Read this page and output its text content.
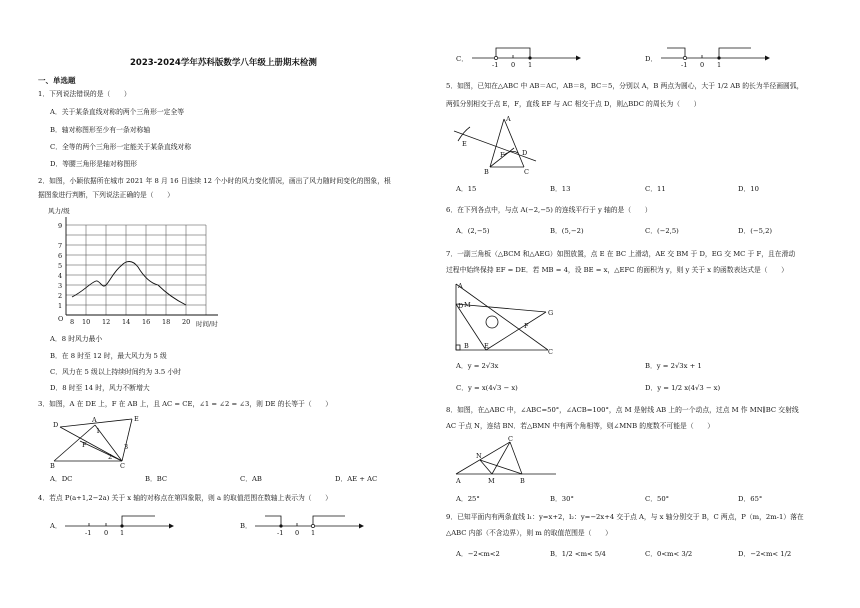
2023-2024学年苏科版数学八年级上册期末检测
一、单选题
1．下列说法错误的是（　　）
A．关于某条直线对称的两个三角形一定全等
B．轴对称图形至少有一条对称轴
C．全等的两个三角形一定能关于某条直线对称
D．等腰三角形是轴对称图形
2．如图，小颖依据所在城市 2021 年 8 月 16 日连续 12 个小时的风力变化情况，画出了风力随时间变化的图象，根
据图象进行判断，下列说法正确的是（　　）
风力/级
O
9
7
6
5
4
3
2
1
8 10 12 14 16 18 20 时间/时
A．8 时风力最小
B．在 8 时至 12 时，最大风力为 5 级
C．风力在 5 级以上持续时间约为 3.5 小时
D．8 时至 14 时，风力不断增大
3．如图，A 在 DE 上，F 在 AB 上，且 AC = CE，∠1 = ∠2 = ∠3，则 DE 的长等于（　　）
D
A	E
F
B	C
1
2
3
A．DC	B．BC	C．AB	D．AE + AC
4．若点 P(a+1,2−2a) 关于 x 轴的对称点在第四象限，则 a 的取值范围在数轴上表示为（　　）
A．
-1 0 1
B．
-1 0 1
C．
-1 0 1
D．
-1 0 1
5．如图，已知在△ABC 中 AB＝AC，AB＝8，BC＝5，分别以 A，B 两点为圆心，大于 1/2 AB 的长为半径画圆弧，
两弧分别相交于点 E，F，直线 EF 与 AC 相交于点 D，则△BDC 的周长为（　　）
A
E
F	D
B	C
A．15	B．13	C．11	D．10
6．在下列各点中，与点 A(−2,−5) 的连线平行于 y 轴的是（　　）
A．(2,−5)	B．(5,−2)	C．(−2,5)	D．(−5,2)
7．一副三角板（△BCM 和△AEG）如图放置，点 E 在 BC 上滑动，AE 交 BM 于 D，EG 交 MC 于 F，且在滑动
过程中始终保持 EF = DE．若 MB = 4，设 BE = x，△EFC 的面积为 y，则 y 关于 x 的函数表达式是（　　）
A
D M
G
F
B E
C
A．y = 2√3x	B．y = 2√3x + 1
C．y = x(4√3 − x)	D．y = 1/2 x(4√3 − x)
8．如图，在△ABC 中，∠ABC=50°，∠ACB=100°，点 M 是射线 AB 上的一个动点，过点 M 作 MN∥BC 交射线
AC 于点 N，连结 BN．若△BMN 中有两个角相等，则∠MNB 的度数不可能是（　　）
N
C
A	M	B
A．25°	B．30°	C．50°	D．65°
9．已知平面内有两条直线 l₁：y=x+2，l₂：y=−2x+4 交于点 A，与 x 轴分别交于 B，C 两点，P（m，2m-1）落在
△ABC 内部（不含边界），则 m 的取值范围是（　　）
A．−2<m<2	B．1/2 <m< 5/4	C．0<m< 3/2	D．−2<m< 1/2
